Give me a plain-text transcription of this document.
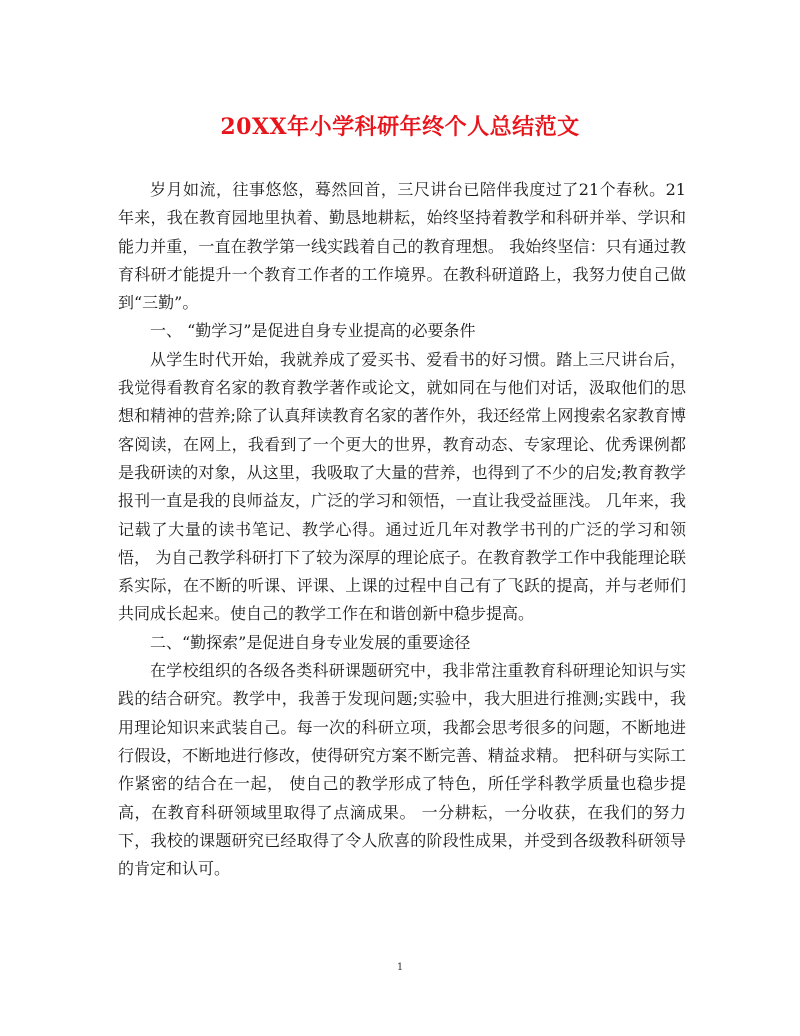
20XX年小学科研年终个人总结范文

岁月如流，往事悠悠，蓦然回首，三尺讲台已陪伴我度过了21个春秋。21年来，我在教育园地里执着、勤恳地耕耘，始终坚持着教学和科研并举、学识和能力并重，一直在教学第一线实践着自己的教育理想。 我始终坚信：只有通过教育科研才能提升一个教育工作者的工作境界。在教科研道路上，我努力使自己做到“三勤”。

一、 “勤学习”是促进自身专业提高的必要条件

从学生时代开始，我就养成了爱买书、爱看书的好习惯。踏上三尺讲台后，我觉得看教育名家的教育教学著作或论文，就如同在与他们对话，汲取他们的思想和精神的营养;除了认真拜读教育名家的著作外，我还经常上网搜索名家教育博客阅读，在网上，我看到了一个更大的世界，教育动态、专家理论、优秀课例都是我研读的对象，从这里，我吸取了大量的营养，也得到了不少的启发;教育教学报刊一直是我的良师益友，广泛的学习和领悟，一直让我受益匪浅。 几年来，我记载了大量的读书笔记、教学心得。通过近几年对教学书刊的广泛的学习和领悟， 为自己教学科研打下了较为深厚的理论底子。在教育教学工作中我能理论联系实际，在不断的听课、评课、上课的过程中自己有了飞跃的提高，并与老师们共同成长起来。使自己的教学工作在和谐创新中稳步提高。

二、“勤探索”是促进自身专业发展的重要途径

在学校组织的各级各类科研课题研究中，我非常注重教育科研理论知识与实践的结合研究。教学中，我善于发现问题;实验中，我大胆进行推测;实践中，我用理论知识来武装自己。每一次的科研立项，我都会思考很多的问题，不断地进行假设，不断地进行修改，使得研究方案不断完善、精益求精。 把科研与实际工作紧密的结合在一起， 使自己的教学形成了特色，所任学科教学质量也稳步提高，在教育科研领域里取得了点滴成果。 一分耕耘，一分收获，在我们的努力下，我校的课题研究已经取得了令人欣喜的阶段性成果，并受到各级教科研领导的肯定和认可。

1
